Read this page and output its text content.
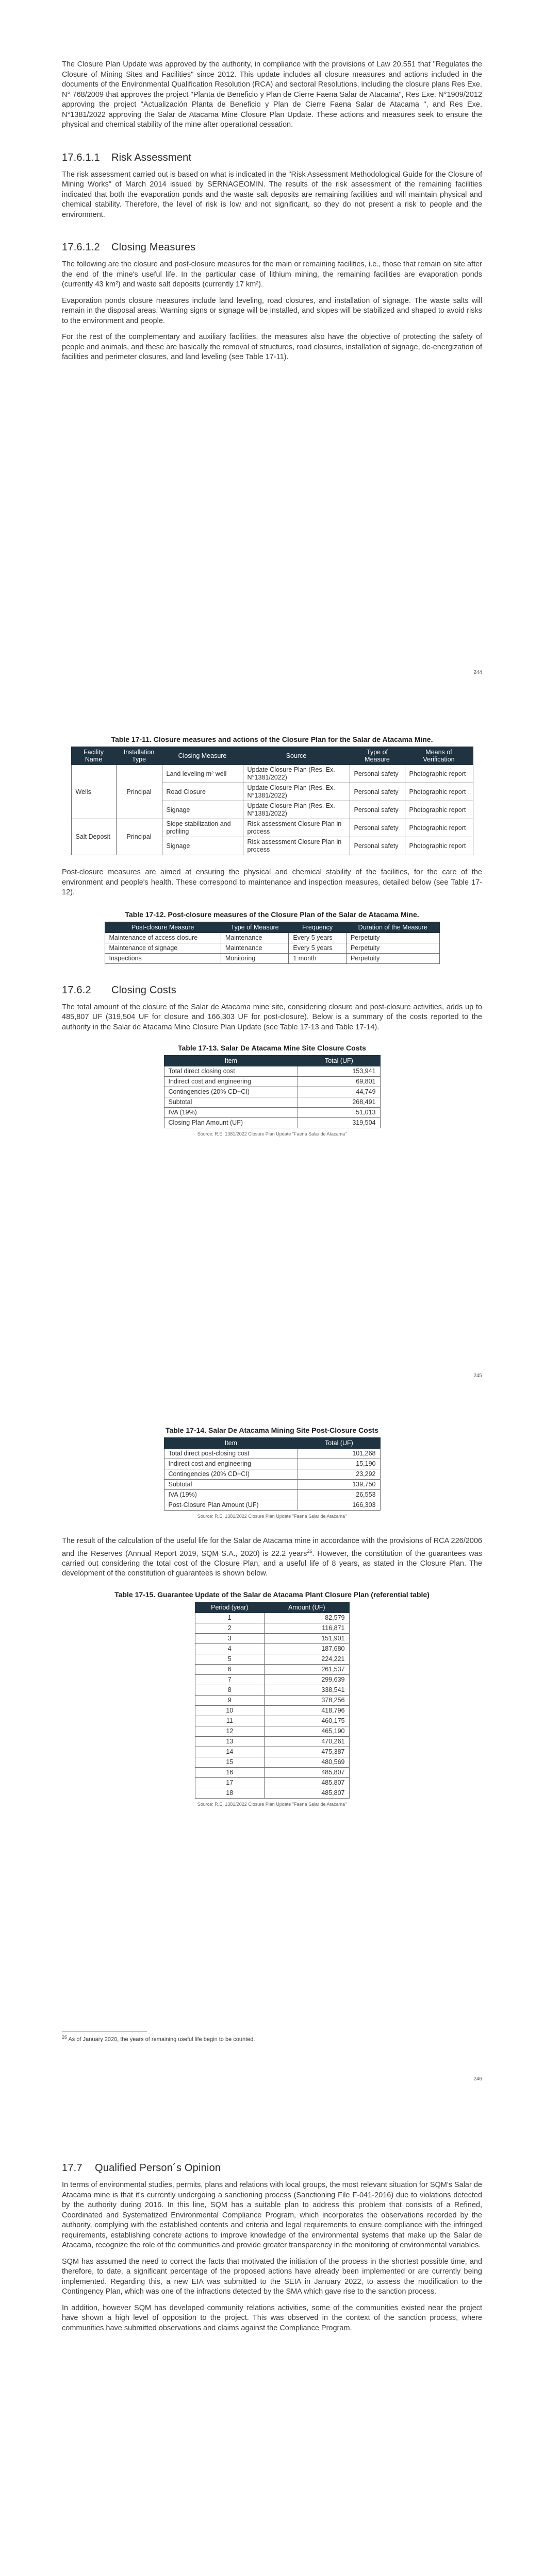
The Closure Plan Update was approved by the authority, in compliance with the provisions of Law 20.551 that "Regulates the Closure of Mining Sites and Facilities" since 2012. This update includes all closure measures and actions included in the documents of the Environmental Qualification Resolution (RCA) and sectoral Resolutions, including the closure plans Res Exe. N° 768/2009 that approves the project "Planta de Beneficio y Plan de Cierre Faena Salar de Atacama", Res Exe. N°1909/2012 approving the project "Actualización Planta de Beneficio y Plan de Cierre Faena Salar de Atacama ", and Res Exe. N°1381/2022 approving the Salar de Atacama Mine Closure Plan Update. These actions and measures seek to ensure the physical and chemical stability of the mine after operational cessation.

17.6.1.1 Risk Assessment

The risk assessment carried out is based on what is indicated in the "Risk Assessment Methodological Guide for the Closure of Mining Works" of March 2014 issued by SERNAGEOMIN. The results of the risk assessment of the remaining facilities indicated that both the evaporation ponds and the waste salt deposits are remaining facilities and will maintain physical and chemical stability. Therefore, the level of risk is low and not significant, so they do not present a risk to people and the environment.

17.6.1.2 Closing Measures

The following are the closure and post-closure measures for the main or remaining facilities, i.e., those that remain on site after the end of the mine's useful life. In the particular case of lithium mining, the remaining facilities are evaporation ponds (currently 43 km²) and waste salt deposits (currently 17 km²).

Evaporation ponds closure measures include land leveling, road closures, and installation of signage. The waste salts will remain in the disposal areas. Warning signs or signage will be installed, and slopes will be stabilized and shaped to avoid risks to the environment and people.

For the rest of the complementary and auxiliary facilities, the measures also have the objective of protecting the safety of people and animals, and these are basically the removal of structures, road closures, installation of signage, de-energization of facilities and perimeter closures, and land leveling (see Table 17-11).

244
Table 17-11. Closure measures and actions of the Closure Plan for the Salar de Atacama Mine.
Facility Name	Installation Type	Closing Measure	Source	Type of Measure	Means of Verification
Wells	Principal	Land leveling m² well	Update Closure Plan (Res. Ex. N°1381/2022)	Personal safety	Photographic report
		Road Closure	Update Closure Plan (Res. Ex. N°1381/2022)	Personal safety	Photographic report
		Signage	Update Closure Plan (Res. Ex. N°1381/2022)	Personal safety	Photographic report
Salt Deposit	Principal	Slope stabilization and profiling	Risk assessment Closure Plan in process	Personal safety	Photographic report
		Signage	Risk assessment Closure Plan in process	Personal safety	Photographic report

Post-closure measures are aimed at ensuring the physical and chemical stability of the facilities, for the care of the environment and people's health. These correspond to maintenance and inspection measures, detailed below (see Table 17-12).

Table 17-12. Post-closure measures of the Closure Plan of the Salar de Atacama Mine.
Post-closure Measure	Type of Measure	Frequency	Duration of the Measure
Maintenance of access closure	Maintenance	Every 5 years	Perpetuity
Maintenance of signage	Maintenance	Every 5 years	Perpetuity
Inspections	Monitoring	1 month	Perpetuity
17.6.2 Closing Costs

The total amount of the closure of the Salar de Atacama mine site, considering closure and post-closure activities, adds up to 485,807 UF (319,504 UF for closure and 166,303 UF for post-closure). Below is a summary of the costs reported to the authority in the Salar de Atacama Mine Closure Plan Update (see Table 17-13 and Table 17-14).

Table 17-13. Salar De Atacama Mine Site Closure Costs
Item	Total (UF)
Total direct closing cost	153,941
Indirect cost and engineering	69,801
Contingencies (20% CD+CI)	44,749
Subtotal	268,491
IVA (19%)	51,013
Closing Plan Amount (UF)	319,504
Source: R.E. 1381/2022 Closure Plan Update "Faena Salar de Atacama"
245
Table 17-14. Salar De Atacama Mining Site Post-Closure Costs
Item	Total (UF)
Total direct post-closing cost	101,268
Indirect cost and engineering	15,190
Contingencies (20% CD+CI)	23,292
Subtotal	139,750
IVA (19%)	26,553
Post-Closure Plan Amount (UF)	166,303
Source: R.E. 1381/2022 Closure Plan Update "Faena Salar de Atacama"

The result of the calculation of the useful life for the Salar de Atacama mine in accordance with the provisions of RCA 226/2006 and the Reserves (Annual Report 2019, SQM S.A., 2020) is 22.2 years$^{26}$. However, the constitution of the guarantees was carried out considering the total cost of the Closure Plan, and a useful life of 8 years, as stated in the Closure Plan. The development of the constitution of guarantees is shown below.

Table 17-15. Guarantee Update of the Salar de Atacama Plant Closure Plan (referential table)
Period (year)	Amount (UF)
1	82,579
2	116,871
3	151,901
4	187,680
5	224,221
6	261,537
7	299,639
8	338,541
9	378,256
10	418,796
11	460,175
12	465,190
13	470,261
14	475,387
15	480,569
16	485,807
17	485,807
18	485,807
Source: R.E. 1381/2022 Closure Plan Update "Faena Salar de Atacama"
$^{26}$ As of January 2020, the years of remaining useful life begin to be counted.
246
17.7 Qualified Person´s Opinion

In terms of environmental studies, permits, plans and relations with local groups, the most relevant situation for SQM's Salar de Atacama mine is that it's currently undergoing a sanctioning process (Sanctioning File F-041-2016) due to violations detected by the authority during 2016. In this line, SQM has a suitable plan to address this problem that consists of a Refined, Coordinated and Systematized Environmental Compliance Program, which incorporates the observations recorded by the authority, complying with the established contents and criteria and legal requirements to ensure compliance with the infringed requirements, establishing concrete actions to improve knowledge of the environmental systems that make up the Salar de Atacama, recognize the role of the communities and provide greater transparency in the monitoring of environmental variables.

SQM has assumed the need to correct the facts that motivated the initiation of the process in the shortest possible time, and therefore, to date, a significant percentage of the proposed actions have already been implemented or are currently being implemented. Regarding this, a new EIA was submitted to the SEIA in January 2022, to assess the modification to the Contingency Plan, which was one of the infractions detected by the SMA which gave rise to the sanction process.

In addition, however SQM has developed community relations activities, some of the communities existed near the project have shown a high level of opposition to the project. This was observed in the context of the sanction process, where communities have submitted observations and claims against the Compliance Program.
